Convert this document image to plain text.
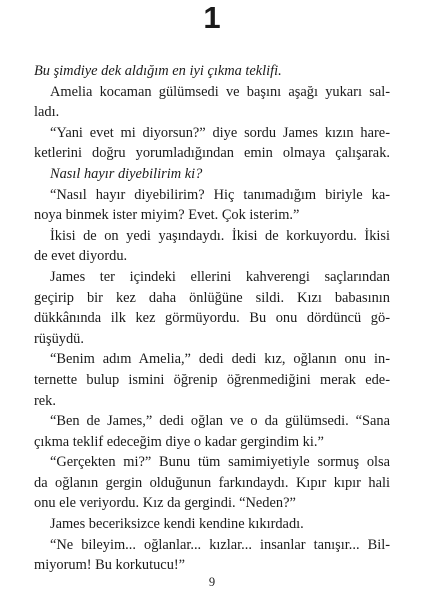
1
Bu şimdiye dek aldığım en iyi çıkma teklifi.
Amelia kocaman gülümsedi ve başını aşağı yukarı sal-
ladı.
“Yani evet mi diyorsun?” diye sordu James kızın hare-
ketlerini doğru yorumladığından emin olmaya çalışarak.
Nasıl hayır diyebilirim ki?
“Nasıl hayır diyebilirim? Hiç tanımadığım biriyle ka-
noya binmek ister miyim? Evet. Çok isterim.”
İkisi de on yedi yaşındaydı. İkisi de korkuyordu. İkisi
de evet diyordu.
James ter içindeki ellerini kahverengi saçlarından
geçirip bir kez daha önlüğüne sildi. Kızı babasının
dükkânında ilk kez görmüyordu. Bu onu dördüncü gö-
rüşüydü.
“Benim adım Amelia,” dedi dedi kız, oğlanın onu in-
ternette bulup ismini öğrenip öğrenmediğini merak ede-
rek.
“Ben de James,” dedi oğlan ve o da gülümsedi. “Sana
çıkma teklif edeceğim diye o kadar gergindim ki.”
“Gerçekten mi?” Bunu tüm samimiyetiyle sormuş olsa
da oğlanın gergin olduğunun farkındaydı. Kıpır kıpır hali
onu ele veriyordu. Kız da gergindi. “Neden?”
James beceriksizce kendi kendine kıkırdadı.
“Ne bileyim... oğlanlar... kızlar... insanlar tanışır... Bil-
miyorum! Bu korkutucu!”
9
